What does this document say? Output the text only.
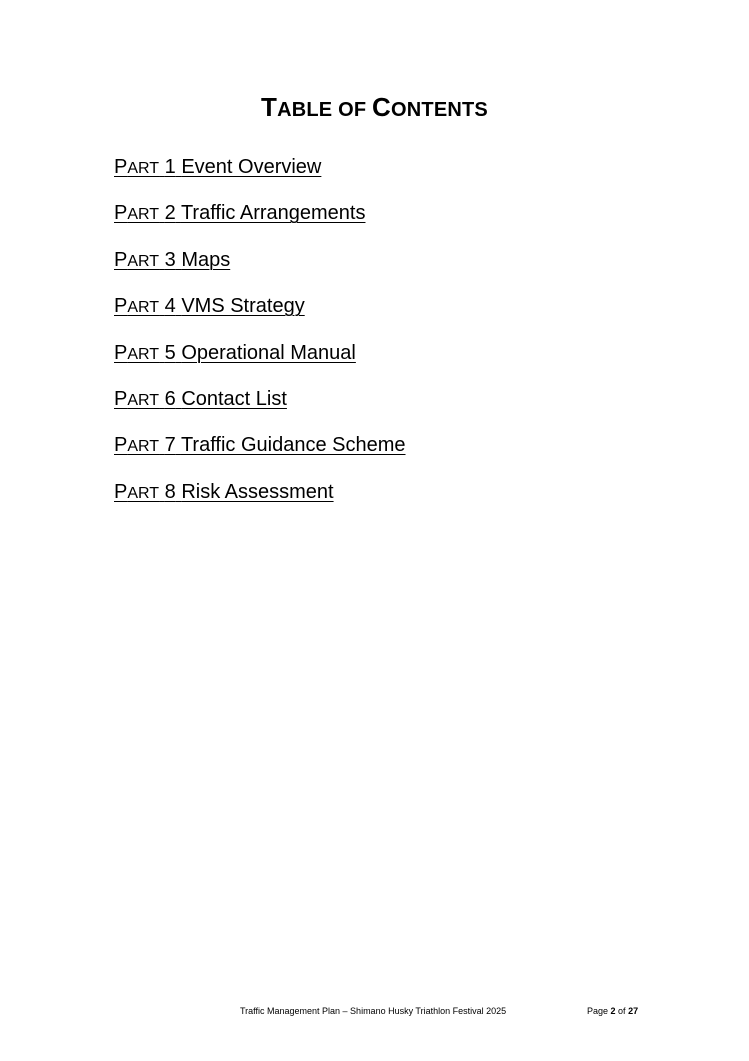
TABLE OF CONTENTS
PART 1 Event Overview
PART 2 Traffic Arrangements
PART 3 Maps
PART 4 VMS Strategy
PART 5 Operational Manual
PART 6 Contact List
PART 7 Traffic Guidance Scheme
PART 8 Risk Assessment
Traffic Management Plan – Shimano Husky Triathlon Festival 2025	Page 2 of 27
